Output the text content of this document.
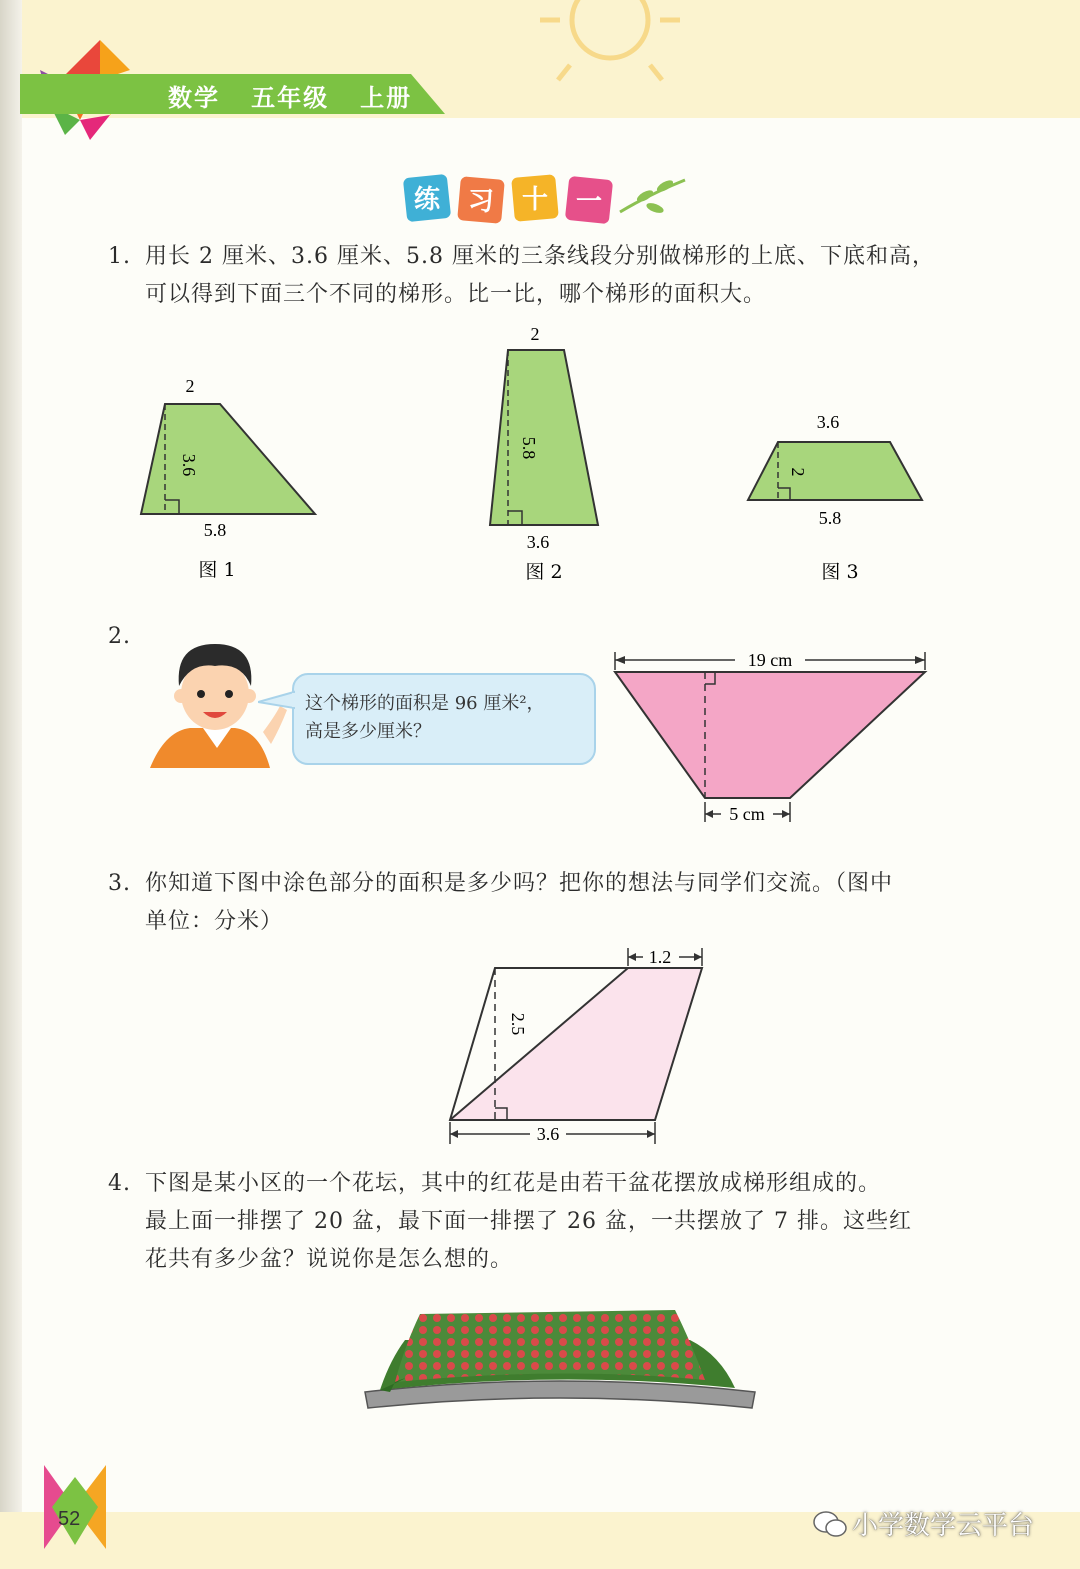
数学 五年级 上册
练 习 十 一
1. 用长 2 厘米、3.6 厘米、5.8 厘米的三条线段分别做梯形的上底、下底和高，
可以得到下面三个不同的梯形。比一比，哪个梯形的面积大。
2
3.6
5.8
图 1
2
5.8
3.6
图 2
3.6
2
5.8
图 3
2.
这个梯形的面积是 96 厘米²，
高是多少厘米？
19 cm
5 cm
3. 你知道下图中涂色部分的面积是多少吗？把你的想法与同学们交流。（图中
单位：分米）
2.5
1.2
3.6
4. 下图是某小区的一个花坛，其中的红花是由若干盆花摆放成梯形组成的。
最上面一排摆了 20 盆，最下面一排摆了 26 盆，一共摆放了 7 排。这些红
花共有多少盆？说说你是怎么想的。
52	小学数学云平台
